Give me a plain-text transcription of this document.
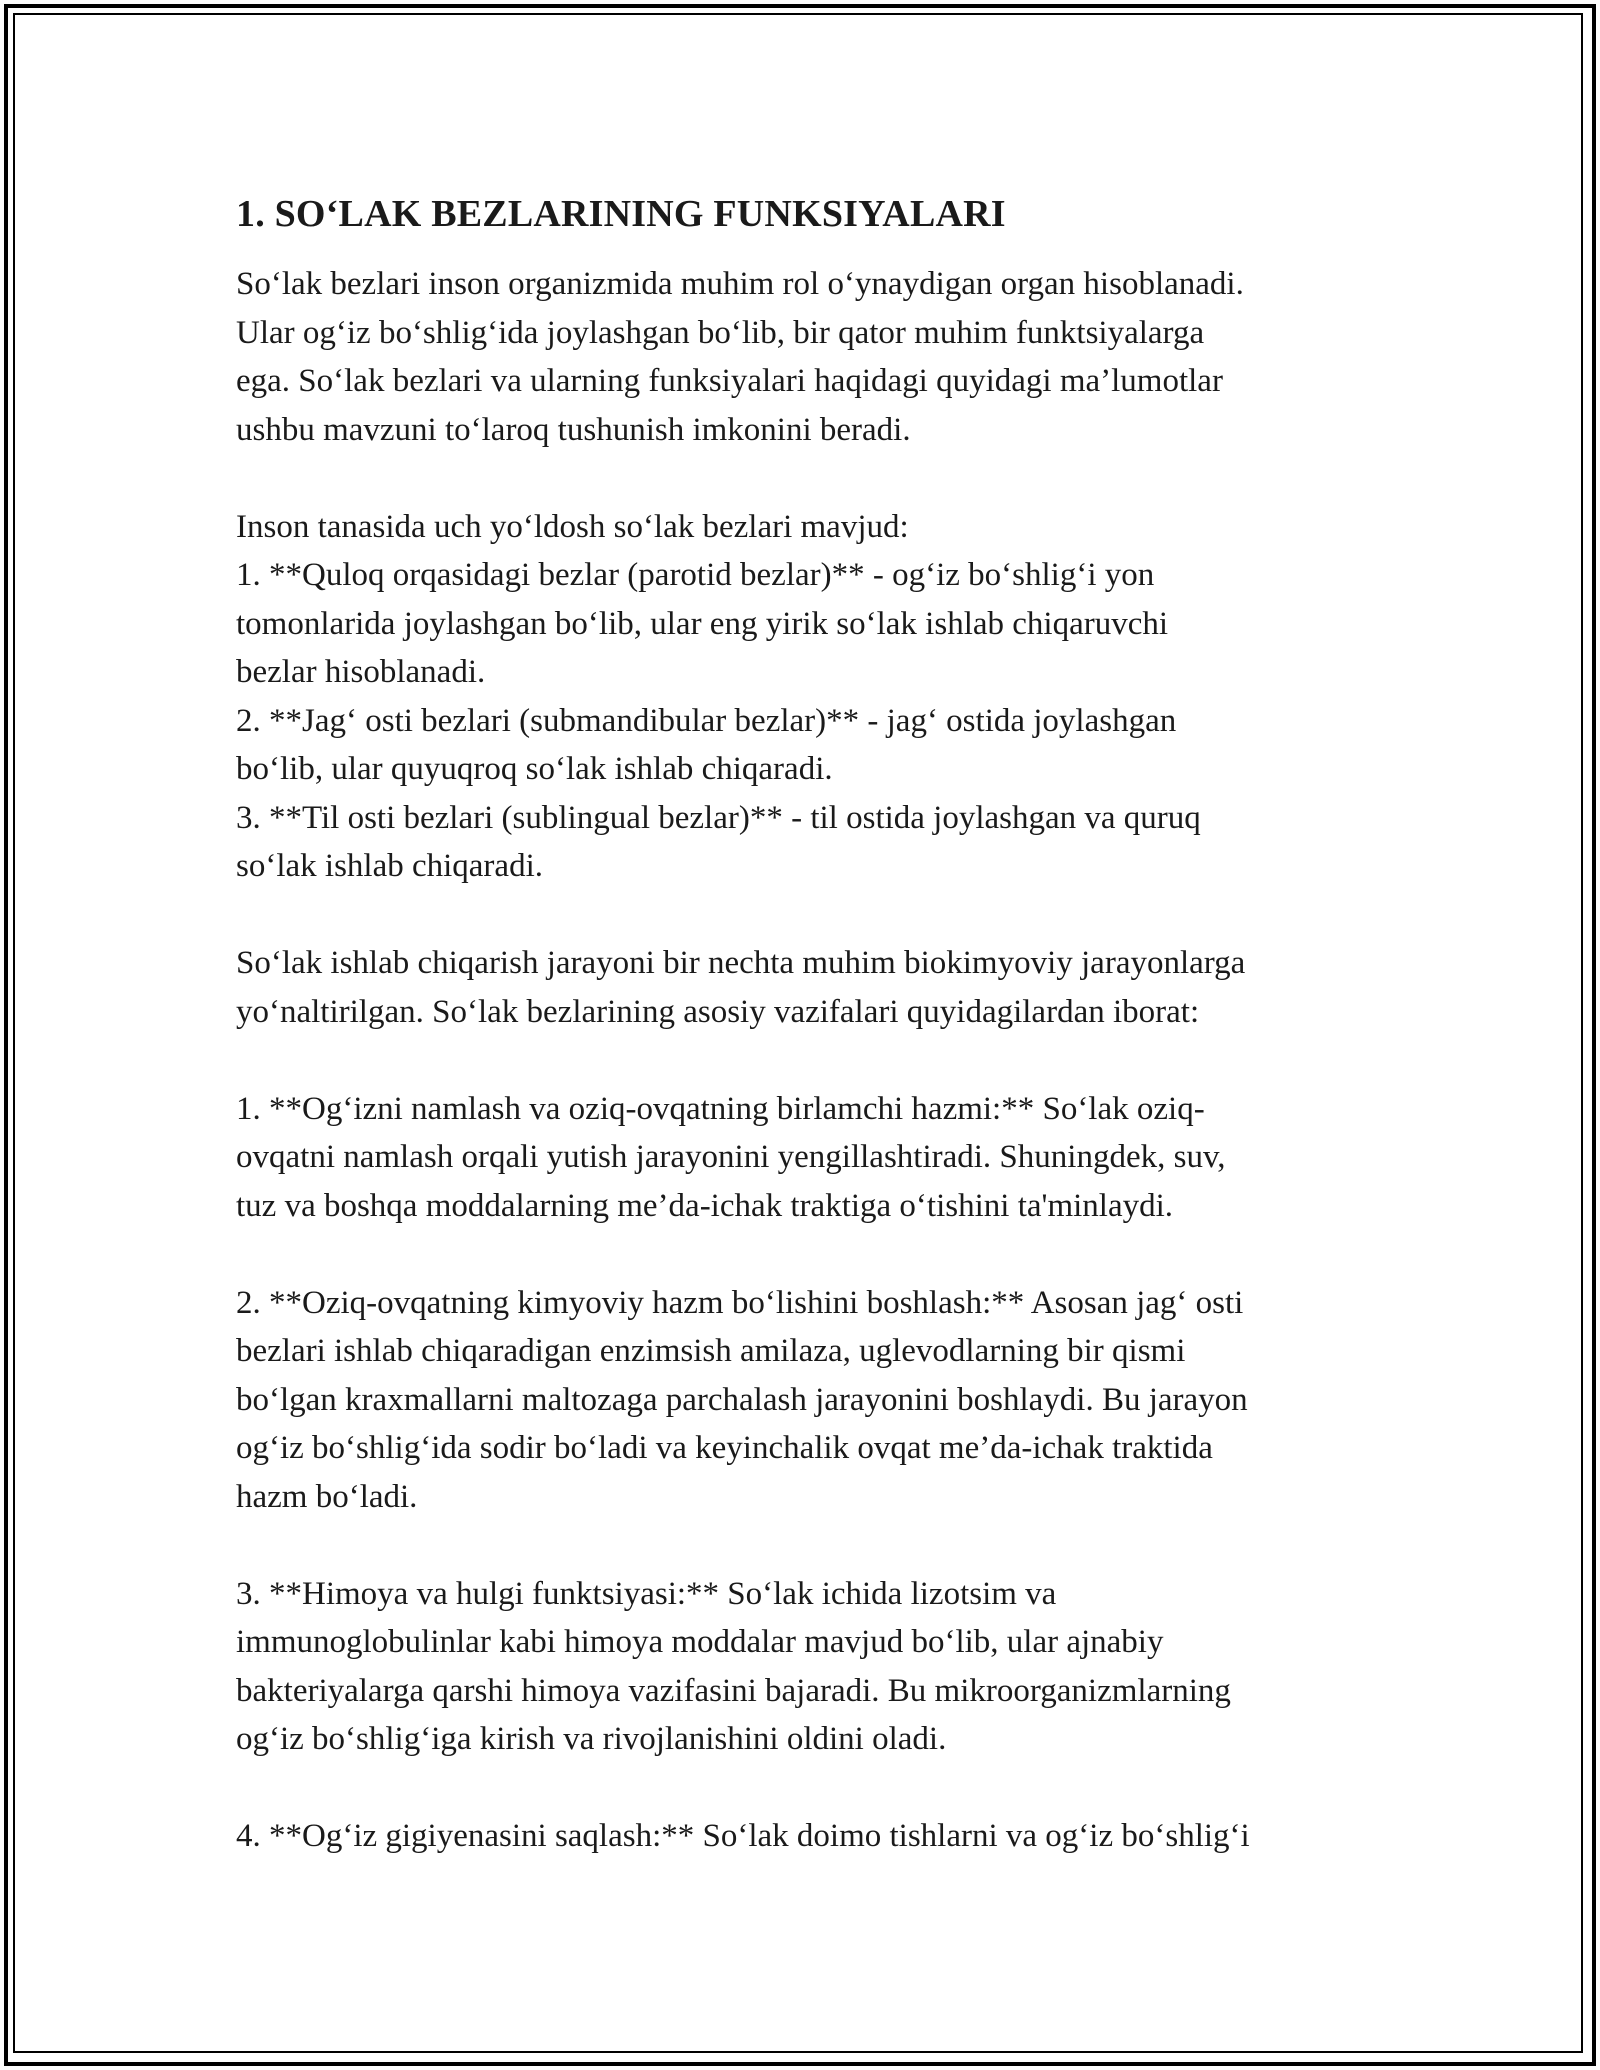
1. SO‘LAK BEZLARINING FUNKSIYALARI

So‘lak bezlari inson organizmida muhim rol o‘ynaydigan organ hisoblanadi.
Ular og‘iz bo‘shlig‘ida joylashgan bo‘lib, bir qator muhim funktsiyalarga
ega. So‘lak bezlari va ularning funksiyalari haqidagi quyidagi ma’lumotlar
ushbu mavzuni to‘laroq tushunish imkonini beradi.

Inson tanasida uch yo‘ldosh so‘lak bezlari mavjud:
1. **Quloq orqasidagi bezlar (parotid bezlar)** - og‘iz bo‘shlig‘i yon
tomonlarida joylashgan bo‘lib, ular eng yirik so‘lak ishlab chiqaruvchi
bezlar hisoblanadi.
2. **Jag‘ osti bezlari (submandibular bezlar)** - jag‘ ostida joylashgan
bo‘lib, ular quyuqroq so‘lak ishlab chiqaradi.
3. **Til osti bezlari (sublingual bezlar)** - til ostida joylashgan va quruq
so‘lak ishlab chiqaradi.

So‘lak ishlab chiqarish jarayoni bir nechta muhim biokimyoviy jarayonlarga
yo‘naltirilgan. So‘lak bezlarining asosiy vazifalari quyidagilardan iborat:

1. **Og‘izni namlash va oziq-ovqatning birlamchi hazmi:** So‘lak oziq-
ovqatni namlash orqali yutish jarayonini yengillashtiradi. Shuningdek, suv,
tuz va boshqa moddalarning me’da-ichak traktiga o‘tishini ta'minlaydi.

2. **Oziq-ovqatning kimyoviy hazm bo‘lishini boshlash:** Asosan jag‘ osti
bezlari ishlab chiqaradigan enzimsish amilaza, uglevodlarning bir qismi
bo‘lgan kraxmallarni maltozaga parchalash jarayonini boshlaydi. Bu jarayon
og‘iz bo‘shlig‘ida sodir bo‘ladi va keyinchalik ovqat me’da-ichak traktida
hazm bo‘ladi.

3. **Himoya va hulgi funktsiyasi:** So‘lak ichida lizotsim va
immunoglobulinlar kabi himoya moddalar mavjud bo‘lib, ular ajnabiy
bakteriyalarga qarshi himoya vazifasini bajaradi. Bu mikroorganizmlarning
og‘iz bo‘shlig‘iga kirish va rivojlanishini oldini oladi.

4. **Og‘iz gigiyenasini saqlash:** So‘lak doimo tishlarni va og‘iz bo‘shlig‘i
